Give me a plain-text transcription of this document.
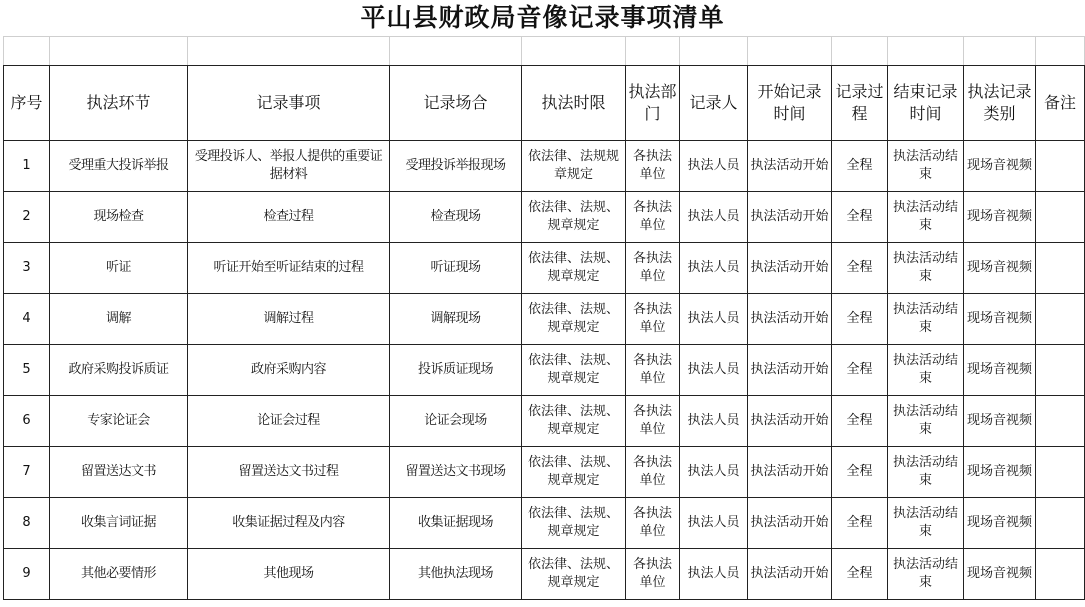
平山县财政局音像记录事项清单

序号	执法环节	记录事项	记录场合	执法时限	执法部门	记录人	开始记录时间	记录过程	结束记录时间	执法记录类别	备注
1	受理重大投诉举报	受理投诉人、举报人提供的重要证据材料	受理投诉举报现场	依法律、法规规章规定	各执法单位	执法人员	执法活动开始	全程	执法活动结束	现场音视频	
2	现场检查	检查过程	检查现场	依法律、法规、规章规定	各执法单位	执法人员	执法活动开始	全程	执法活动结束	现场音视频	
3	听证	听证开始至听证结束的过程	听证现场	依法律、法规、规章规定	各执法单位	执法人员	执法活动开始	全程	执法活动结束	现场音视频	
4	调解	调解过程	调解现场	依法律、法规、规章规定	各执法单位	执法人员	执法活动开始	全程	执法活动结束	现场音视频	
5	政府采购投诉质证	政府采购内容	投诉质证现场	依法律、法规、规章规定	各执法单位	执法人员	执法活动开始	全程	执法活动结束	现场音视频	
6	专家论证会	论证会过程	论证会现场	依法律、法规、规章规定	各执法单位	执法人员	执法活动开始	全程	执法活动结束	现场音视频	
7	留置送达文书	留置送达文书过程	留置送达文书现场	依法律、法规、规章规定	各执法单位	执法人员	执法活动开始	全程	执法活动结束	现场音视频	
8	收集言词证据	收集证据过程及内容	收集证据现场	依法律、法规、规章规定	各执法单位	执法人员	执法活动开始	全程	执法活动结束	现场音视频	
9	其他必要情形	其他现场	其他执法现场	依法律、法规、规章规定	各执法单位	执法人员	执法活动开始	全程	执法活动结束	现场音视频	
